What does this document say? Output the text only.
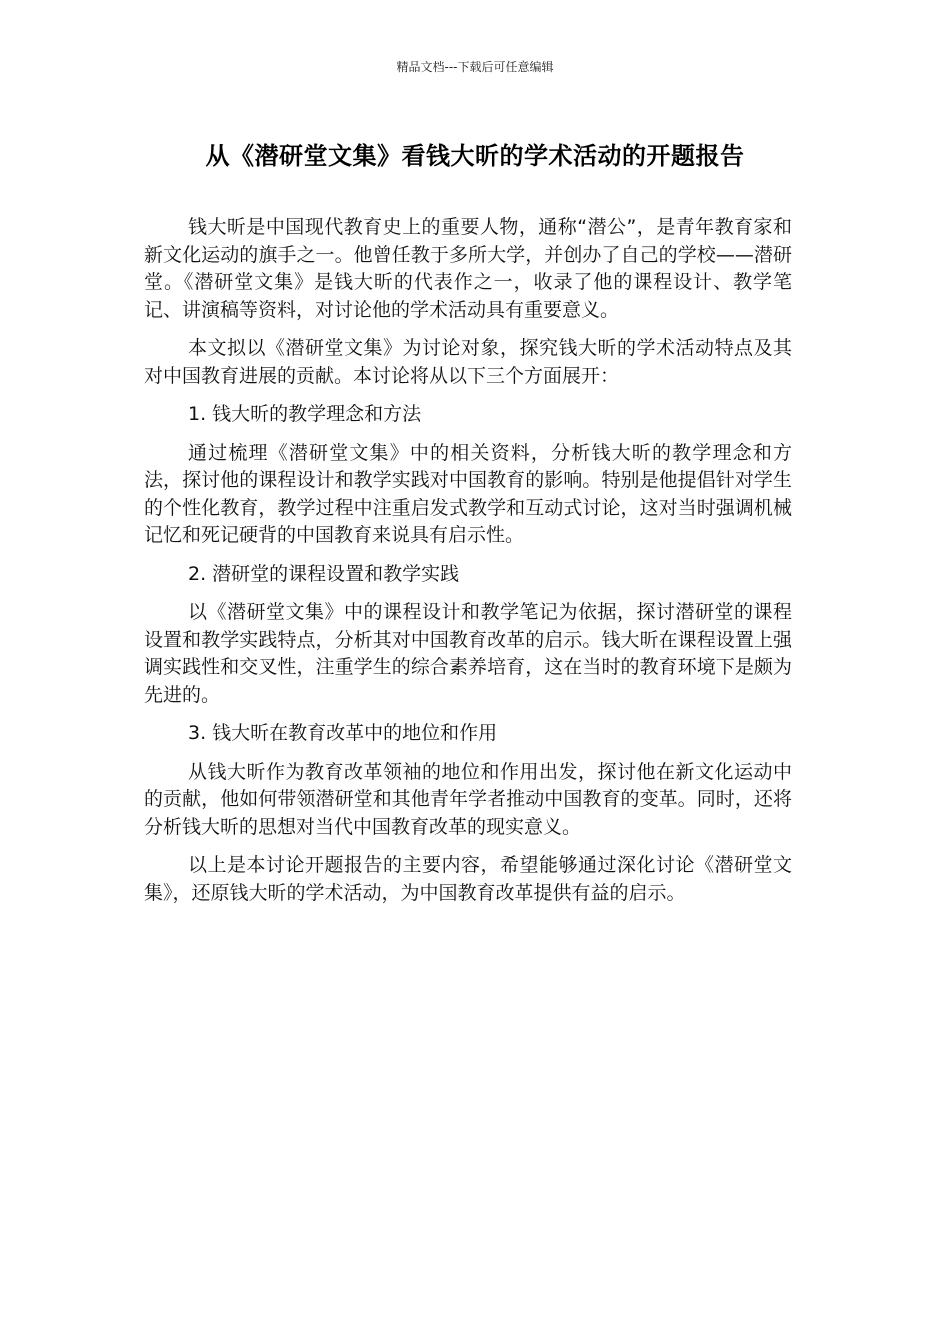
精品文档---下载后可任意编辑
从《潜研堂文集》看钱大昕的学术活动的开题报告

钱大昕是中国现代教育史上的重要人物，通称“潜公”，是青年教育家和新文化运动的旗手之一。他曾任教于多所大学，并创办了自己的学校——潜研堂。《潜研堂文集》是钱大昕的代表作之一，收录了他的课程设计、教学笔记、讲演稿等资料，对讨论他的学术活动具有重要意义。

本文拟以《潜研堂文集》为讨论对象，探究钱大昕的学术活动特点及其对中国教育进展的贡献。本讨论将从以下三个方面展开：

1. 钱大昕的教学理念和方法

通过梳理《潜研堂文集》中的相关资料，分析钱大昕的教学理念和方法，探讨他的课程设计和教学实践对中国教育的影响。特别是他提倡针对学生的个性化教育，教学过程中注重启发式教学和互动式讨论，这对当时强调机械记忆和死记硬背的中国教育来说具有启示性。

2. 潜研堂的课程设置和教学实践

以《潜研堂文集》中的课程设计和教学笔记为依据，探讨潜研堂的课程设置和教学实践特点，分析其对中国教育改革的启示。钱大昕在课程设置上强调实践性和交叉性，注重学生的综合素养培育，这在当时的教育环境下是颇为先进的。

3. 钱大昕在教育改革中的地位和作用

从钱大昕作为教育改革领袖的地位和作用出发，探讨他在新文化运动中的贡献，他如何带领潜研堂和其他青年学者推动中国教育的变革。同时，还将分析钱大昕的思想对当代中国教育改革的现实意义。

以上是本讨论开题报告的主要内容，希望能够通过深化讨论《潜研堂文集》，还原钱大昕的学术活动，为中国教育改革提供有益的启示。
